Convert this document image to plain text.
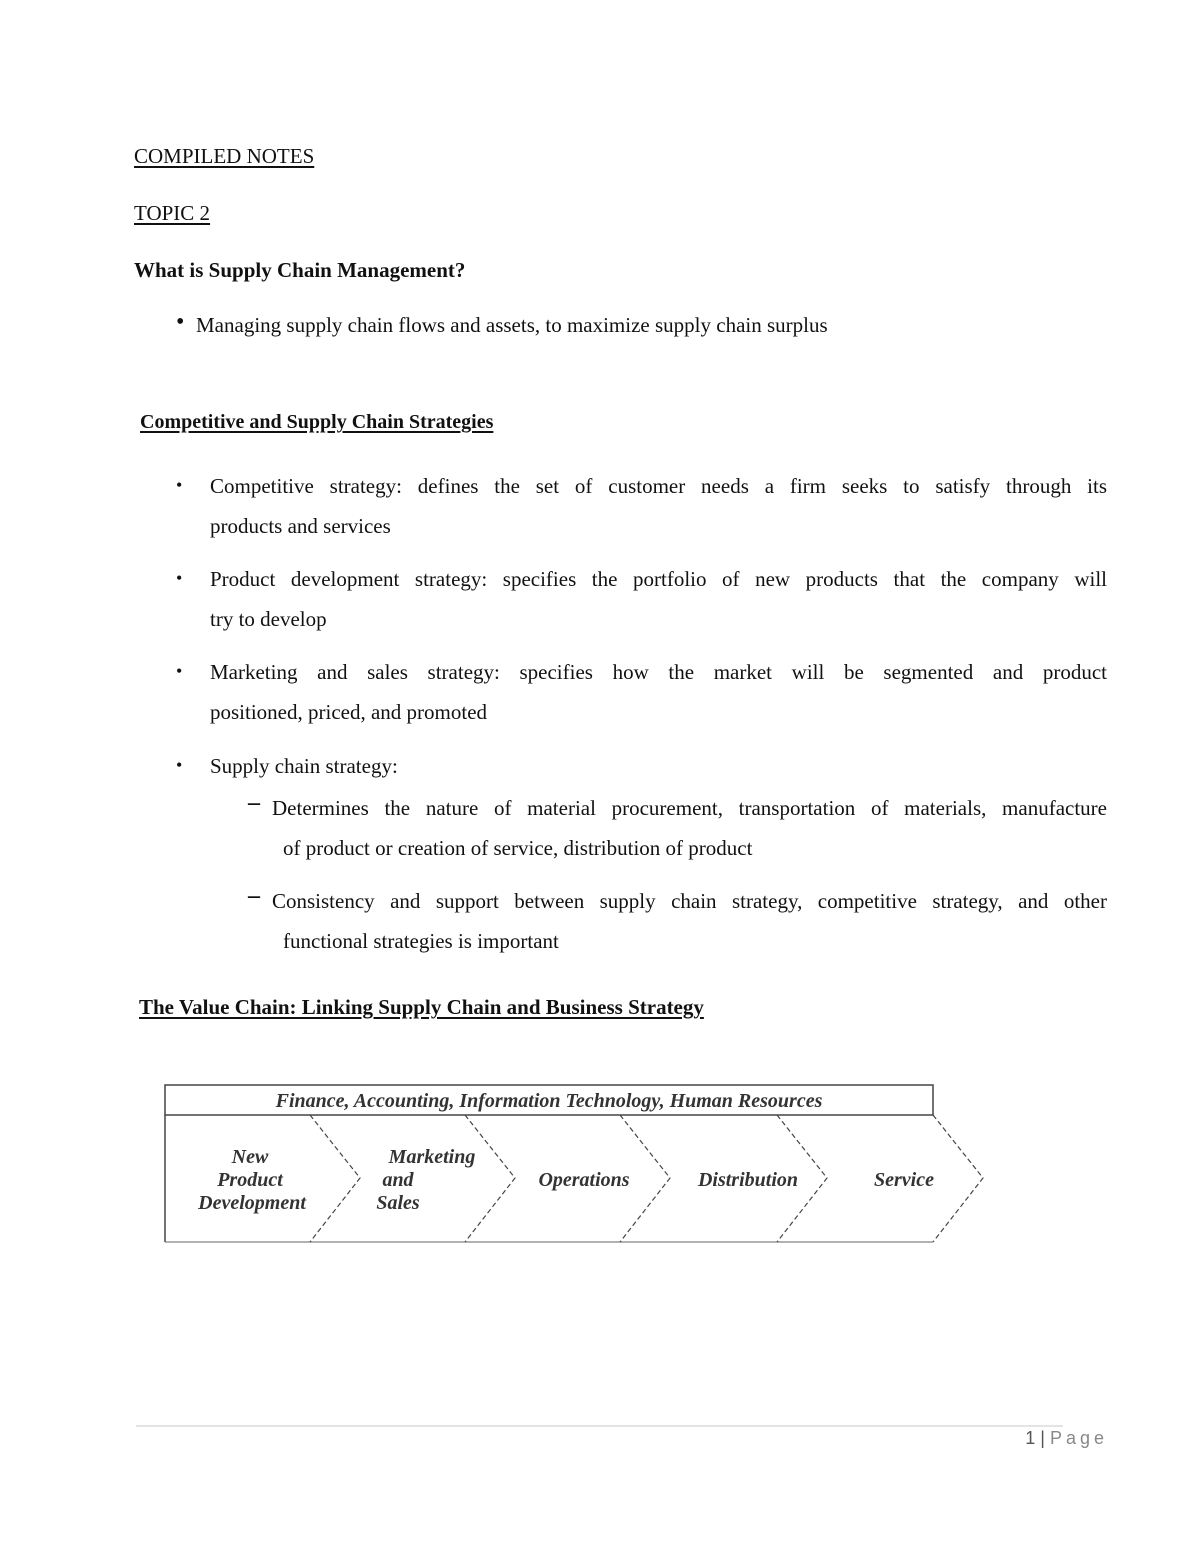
COMPILED NOTES
TOPIC 2
What is Supply Chain Management?
• Managing supply chain flows and assets, to maximize supply chain surplus
Competitive and Supply Chain Strategies
• Competitive strategy: defines the set of customer needs a firm seeks to satisfy through its
products and services
• Product development strategy: specifies the portfolio of new products that the company will
try to develop
• Marketing and sales strategy: specifies how the market will be segmented and product
positioned, priced, and promoted
• Supply chain strategy:
– Determines the nature of material procurement, transportation of materials, manufacture
of product or creation of service, distribution of product
– Consistency and support between supply chain strategy, competitive strategy, and other
functional strategies is important
The Value Chain: Linking Supply Chain and Business Strategy
Finance, Accounting, Information Technology, Human Resources
New
Product
Development
Marketing
and
Sales
Operations	Distribution	Service
1 | Page
